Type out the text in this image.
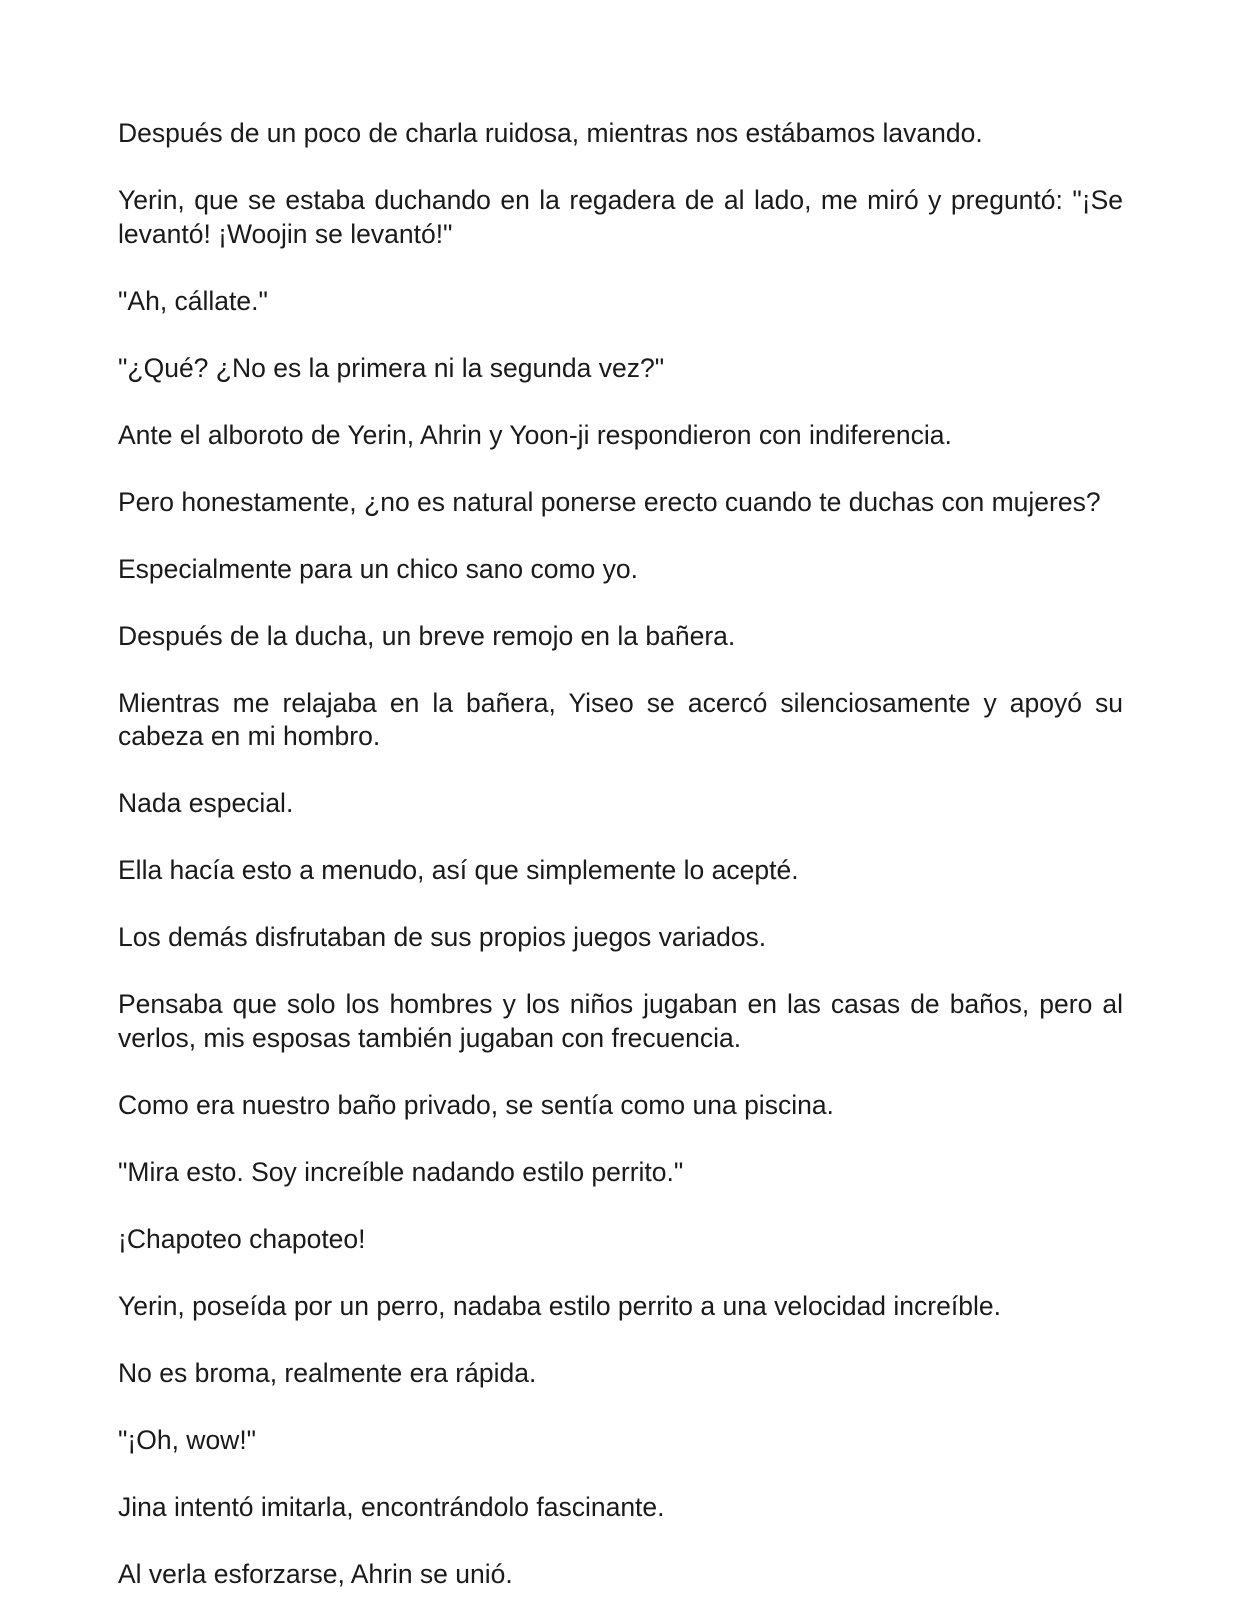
Después de un poco de charla ruidosa, mientras nos estábamos lavando.

Yerin, que se estaba duchando en la regadera de al lado, me miró y preguntó: "¡Se levantó! ¡Woojin se levantó!"

"Ah, cállate."

"¿Qué? ¿No es la primera ni la segunda vez?"

Ante el alboroto de Yerin, Ahrin y Yoon-ji respondieron con indiferencia.

Pero honestamente, ¿no es natural ponerse erecto cuando te duchas con mujeres?

Especialmente para un chico sano como yo.

Después de la ducha, un breve remojo en la bañera.

Mientras me relajaba en la bañera, Yiseo se acercó silenciosamente y apoyó su cabeza en mi hombro.

Nada especial.

Ella hacía esto a menudo, así que simplemente lo acepté.

Los demás disfrutaban de sus propios juegos variados.

Pensaba que solo los hombres y los niños jugaban en las casas de baños, pero al verlos, mis esposas también jugaban con frecuencia.

Como era nuestro baño privado, se sentía como una piscina.

"Mira esto. Soy increíble nadando estilo perrito."

¡Chapoteo chapoteo!

Yerin, poseída por un perro, nadaba estilo perrito a una velocidad increíble.

No es broma, realmente era rápida.

"¡Oh, wow!"

Jina intentó imitarla, encontrándolo fascinante.

Al verla esforzarse, Ahrin se unió.
